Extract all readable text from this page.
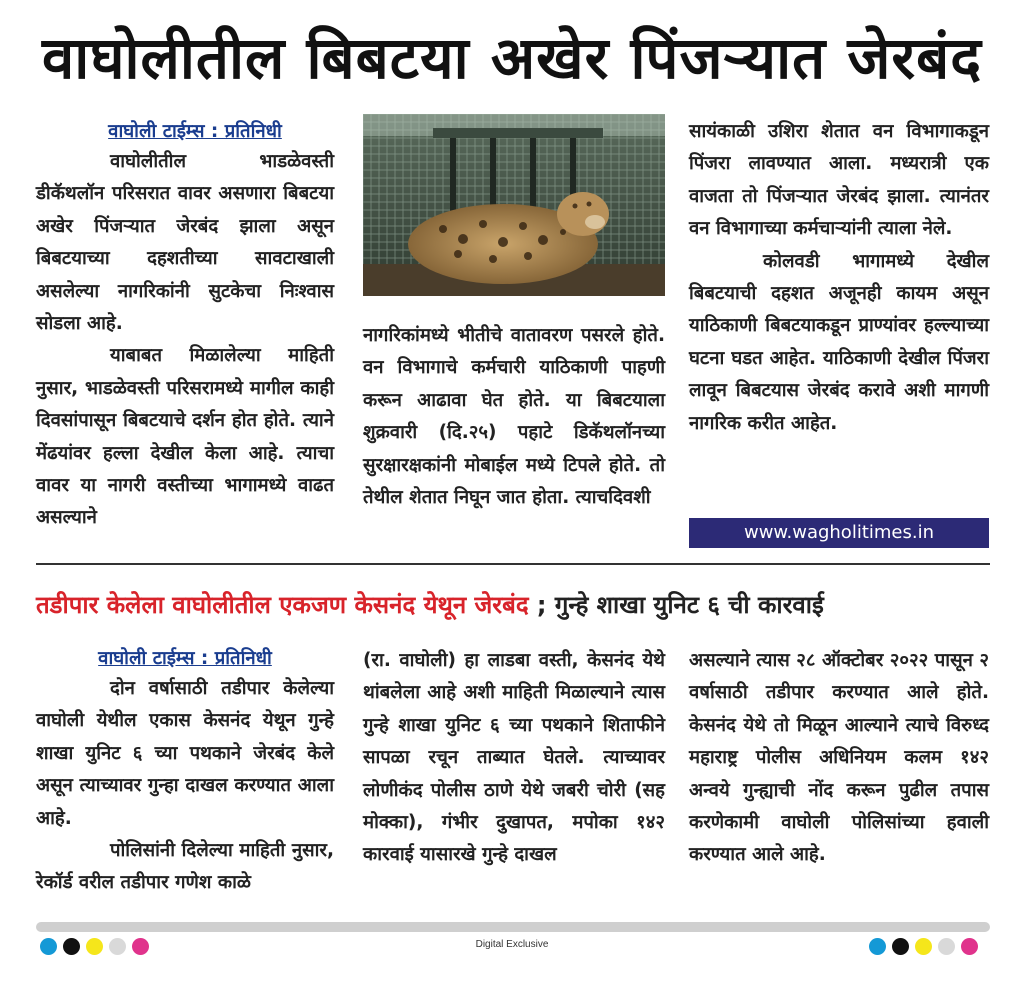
वाघोलीतील बिबटया अखेर पिंजऱ्यात जेरबंद
वाघोली टाईम्स : प्रतिनिधी

वाघोलीतील भाडळेवस्ती डीकॅथलॉन परिसरात वावर असणारा बिबटया अखेर पिंजऱ्यात जेरबंद झाला असून बिबटयाच्या दहशतीच्या सावटाखाली असलेल्या नागरिकांनी सुटकेचा निःश्वास सोडला आहे.

याबाबत मिळालेल्या माहिती नुसार, भाडळेवस्ती परिसरामध्ये मागील काही दिवसांपासून बिबटयाचे दर्शन होत होते. त्याने मेंढयांवर हल्ला देखील केला आहे. त्याचा वावर या नागरी वस्तीच्या भागामध्ये वाढत असल्याने

नागरिकांमध्ये भीतीचे वातावरण पसरले होते. वन विभागाचे कर्मचारी याठिकाणी पाहणी करून आढावा घेत होते. या बिबटयाला शुक्रवारी (दि.२५) पहाटे डिकॅथलॉनच्या सुरक्षारक्षकांनी मोबाईल मध्ये टिपले होते. तो तेथील शेतात निघून जात होता. त्याचदिवशी

सायंकाळी उशिरा शेतात वन विभागाकडून पिंजरा लावण्यात आला. मध्यरात्री एक वाजता तो पिंजऱ्यात जेरबंद झाला. त्यानंतर वन विभागाच्या कर्मचाऱ्यांनी त्याला नेले.

कोलवडी भागामध्ये देखील बिबटयाची दहशत अजूनही कायम असून याठिकाणी बिबटयाकडून प्राण्यांवर हल्ल्याच्या घटना घडत आहेत. याठिकाणी देखील पिंजरा लावून बिबटयास जेरबंद करावे अशी मागणी नागरिक करीत आहेत.

www.wagholitimes.in
तडीपार केलेला वाघोलीतील एकजण केसनंद येथून जेरबंद ; गुन्हे शाखा युनिट ६ ची कारवाई
वाघोली टाईम्स : प्रतिनिधी

दोन वर्षासाठी तडीपार केलेल्या वाघोली येथील एकास केसनंद येथून गुन्हे शाखा युनिट ६ च्या पथकाने जेरबंद केले असून त्याच्यावर गुन्हा दाखल करण्यात आला आहे.

पोलिसांनी दिलेल्या माहिती नुसार, रेकॉर्ड वरील तडीपार गणेश काळे

(रा. वाघोली) हा लाडबा वस्ती, केसनंद येथे थांबलेला आहे अशी माहिती मिळाल्याने त्यास गुन्हे शाखा युनिट ६ च्या पथकाने शिताफीने सापळा रचून ताब्यात घेतले. त्याच्यावर लोणीकंद पोलीस ठाणे येथे जबरी चोरी (सह मोक्का), गंभीर दुखापत, मपोका १४२ कारवाई यासारखे गुन्हे दाखल

असल्याने त्यास २८ ऑक्टोबर २०२२ पासून २ वर्षासाठी तडीपार करण्यात आले होते. केसनंद येथे तो मिळून आल्याने त्याचे विरुध्द महाराष्ट्र पोलीस अधिनियम कलम १४२ अन्वये गुन्ह्याची नोंद करून पुढील तपास करणेकामी वाघोली पोलिसांच्या हवाली करण्यात आले आहे.

Digital Exclusive
